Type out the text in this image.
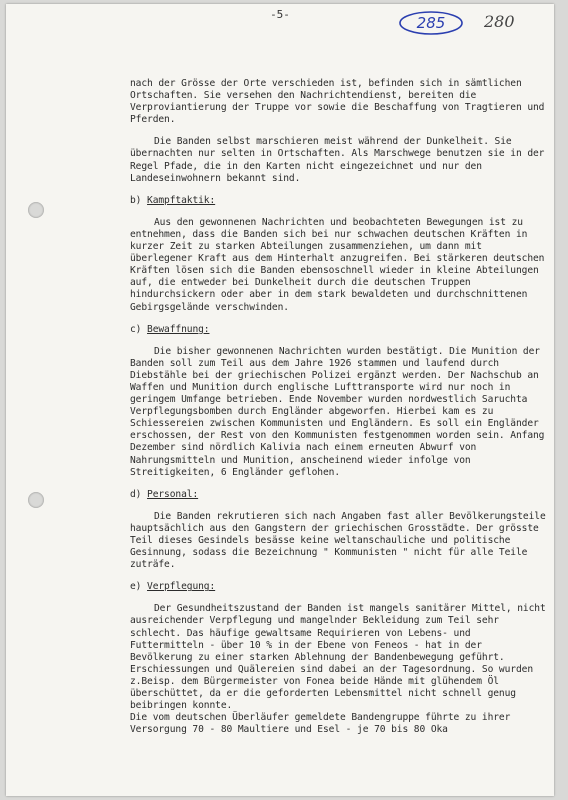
-5-	285	280

nach der Grösse der Orte verschieden ist, befinden sich in sämtlichen Ortschaften. Sie versehen den Nachrichtendienst, bereiten die Verproviantierung der Truppe vor sowie die Beschaffung von Tragtieren und Pferden.

Die Banden selbst marschieren meist während der Dunkelheit. Sie übernachten nur selten in Ortschaften. Als Marschwege benutzen sie in der Regel Pfade, die in den Karten nicht eingezeichnet und nur den Landeseinwohnern bekannt sind.

b) Kampftaktik:

Aus den gewonnenen Nachrichten und beobachteten Bewegungen ist zu entnehmen, dass die Banden sich bei nur schwachen deutschen Kräften in kurzer Zeit zu starken Abteilungen zusammenziehen, um dann mit überlegener Kraft aus dem Hinterhalt anzugreifen. Bei stärkeren deutschen Kräften lösen sich die Banden ebensoschnell wieder in kleine Abteilungen auf, die entweder bei Dunkelheit durch die deutschen Truppen hindurchsickern oder aber in dem stark bewaldeten und durchschnittenen Gebirgsgelände verschwinden.

c) Bewaffnung:

Die bisher gewonnenen Nachrichten wurden bestätigt. Die Munition der Banden soll zum Teil aus dem Jahre 1926 stammen und laufend durch Diebstähle bei der griechischen Polizei ergänzt werden. Der Nachschub an Waffen und Munition durch englische Lufttransporte wird nur noch in geringem Umfange betrieben. Ende November wurden nordwestlich Saruchta Verpflegungsbomben durch Engländer abgeworfen. Hierbei kam es zu Schiessereien zwischen Kommunisten und Engländern. Es soll ein Engländer erschossen, der Rest von den Kommunisten festgenommen worden sein. Anfang Dezember sind nördlich Kalivia nach einem erneuten Abwurf von Nahrungsmitteln und Munition, anscheinend wieder infolge von Streitigkeiten, 6 Engländer geflohen.

d) Personal:

Die Banden rekrutieren sich nach Angaben fast aller Bevölkerungsteile hauptsächlich aus den Gangstern der griechischen Grosstädte. Der grösste Teil dieses Gesindels besässe keine weltanschauliche und politische Gesinnung, sodass die Bezeichnung " Kommunisten " nicht für alle Teile zuträfe.

e) Verpflegung:

Der Gesundheitszustand der Banden ist mangels sanitärer Mittel, nicht ausreichender Verpflegung und mangelnder Bekleidung zum Teil sehr schlecht. Das häufige gewaltsame Requirieren von Lebens- und Futtermitteln - über 10 % in der Ebene von Feneos - hat in der Bevölkerung zu einer starken Ablehnung der Bandenbewegung geführt. Erschiessungen und Quälereien sind dabei an der Tagesordnung. So wurden z.Beisp. dem Bürgermeister von Fonea beide Hände mit glühendem Öl überschüttet, da er die geforderten Lebensmittel nicht schnell genug beibringen konnte.

Die vom deutschen Überläufer gemeldete Bandengruppe führte zu ihrer Versorgung 70 - 80 Maultiere und Esel - je 70 bis 80 Oka
